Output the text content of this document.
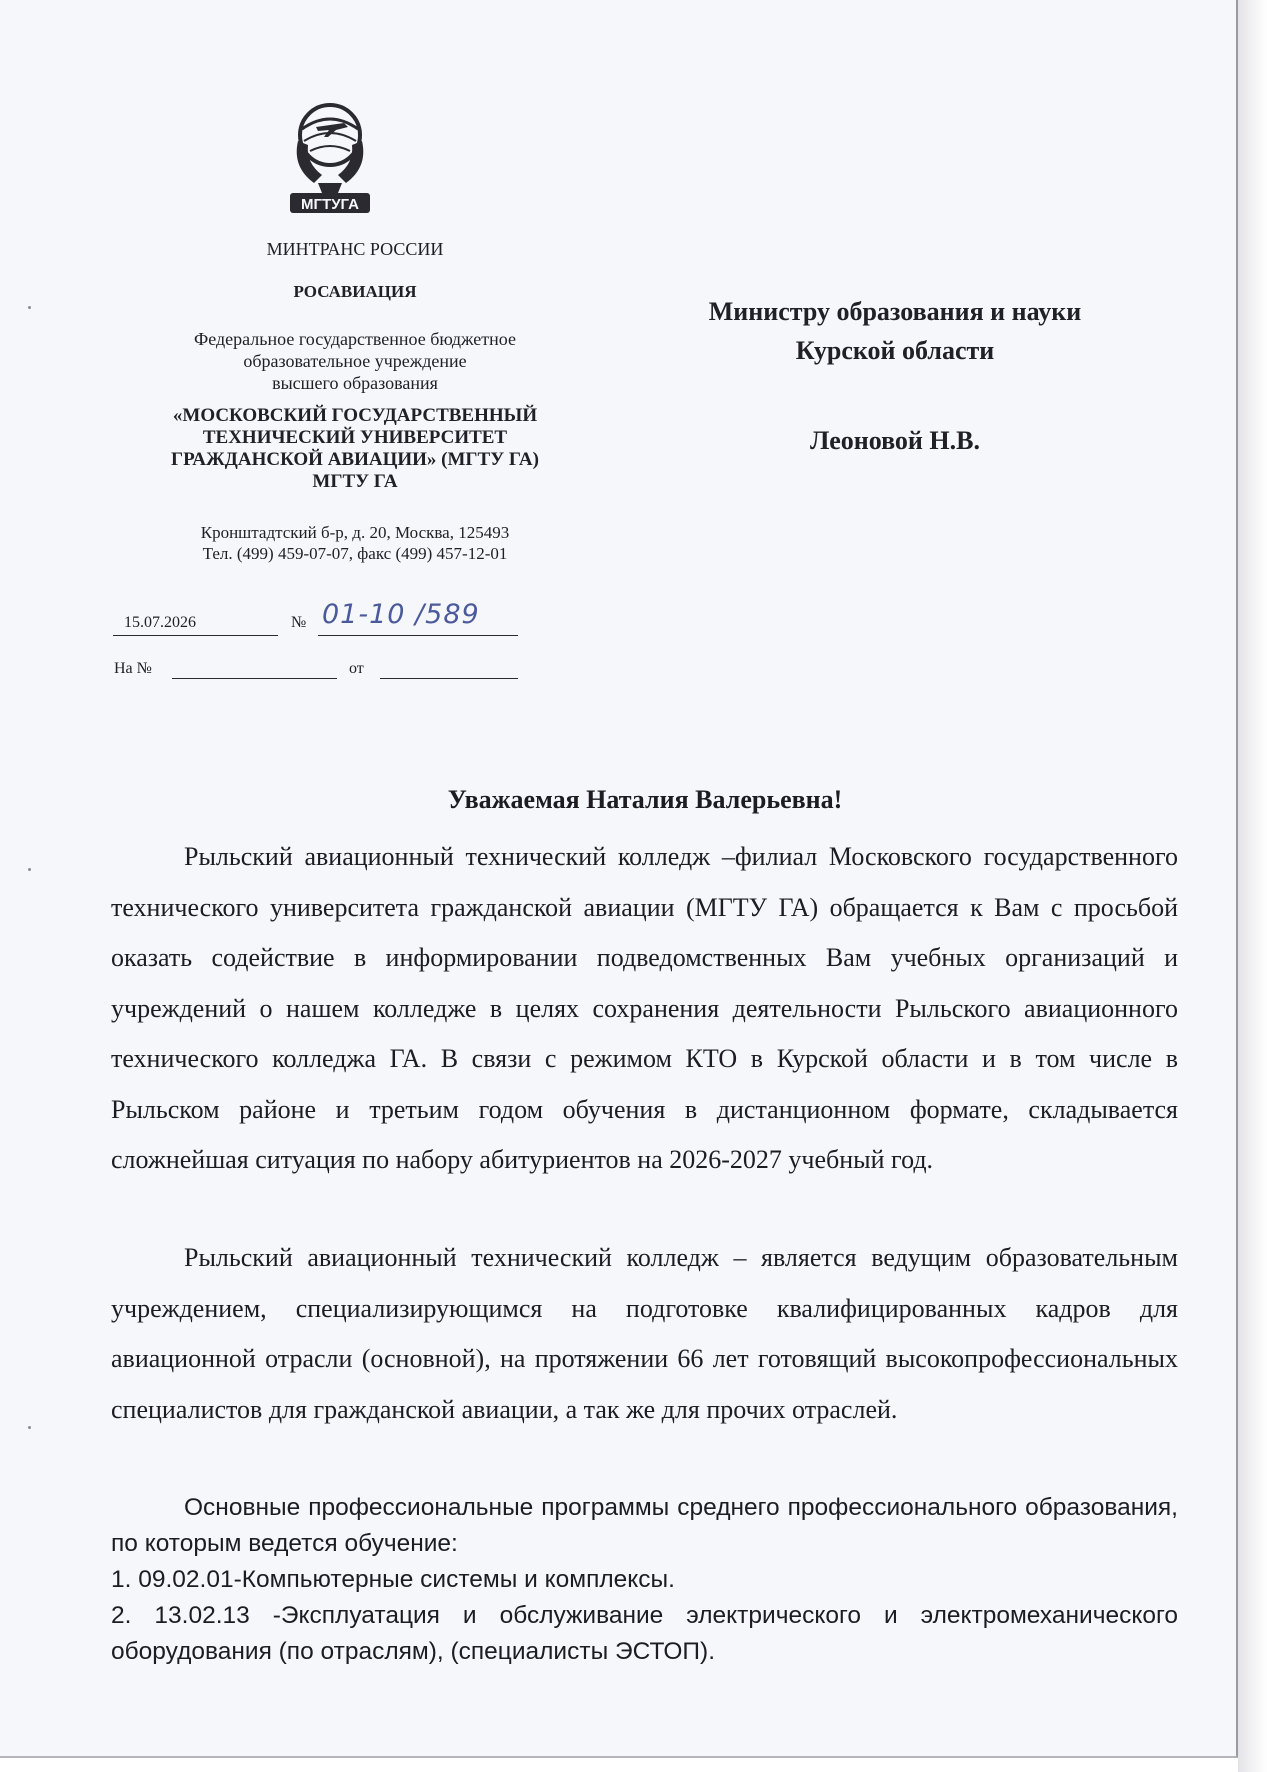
МГТУГА
МИНТРАНС РОССИИ
РОСАВИАЦИЯ
Федеральное государственное бюджетное
образовательное учреждение
высшего образования
«МОСКОВСКИЙ ГОСУДАРСТВЕННЫЙ
ТЕХНИЧЕСКИЙ УНИВЕРСИТЕТ
ГРАЖДАНСКОЙ АВИАЦИИ» (МГТУ ГА)
МГТУ ГА
Кронштадтский б-р, д. 20, Москва, 125493
Тел. (499) 459-07-07, факс (499) 457-12-01
15.07.2026	№ 01-10 /589
На №	от
Министру образования и науки
Курской области
Леоновой Н.В.
Уважаемая Наталия Валерьевна!
Рыльский авиационный технический колледж –филиал Московского государственного технического университета гражданской авиации (МГТУ ГА) обращается к Вам с просьбой оказать содействие в информировании подведомственных Вам учебных организаций и учреждений о нашем колледже в целях сохранения деятельности Рыльского авиационного технического колледжа ГА. В связи с режимом КТО в Курской области и в том числе в Рыльском районе и третьим годом обучения в дистанционном формате, складывается сложнейшая ситуация по набору абитуриентов на 2026-2027 учебный год.
Рыльский авиационный технический колледж – является ведущим образовательным учреждением, специализирующимся на подготовке квалифицированных кадров для авиационной отрасли (основной), на протяжении 66 лет готовящий высокопрофессиональных специалистов для гражданской авиации, а так же для прочих отраслей.
Основные профессиональные программы среднего профессионального образования, по которым ведется обучение:
1. 09.02.01-Компьютерные системы и комплексы.
2. 13.02.13 -Эксплуатация и обслуживание электрического и электромеханического оборудования (по отраслям), (специалисты ЭСТОП).
